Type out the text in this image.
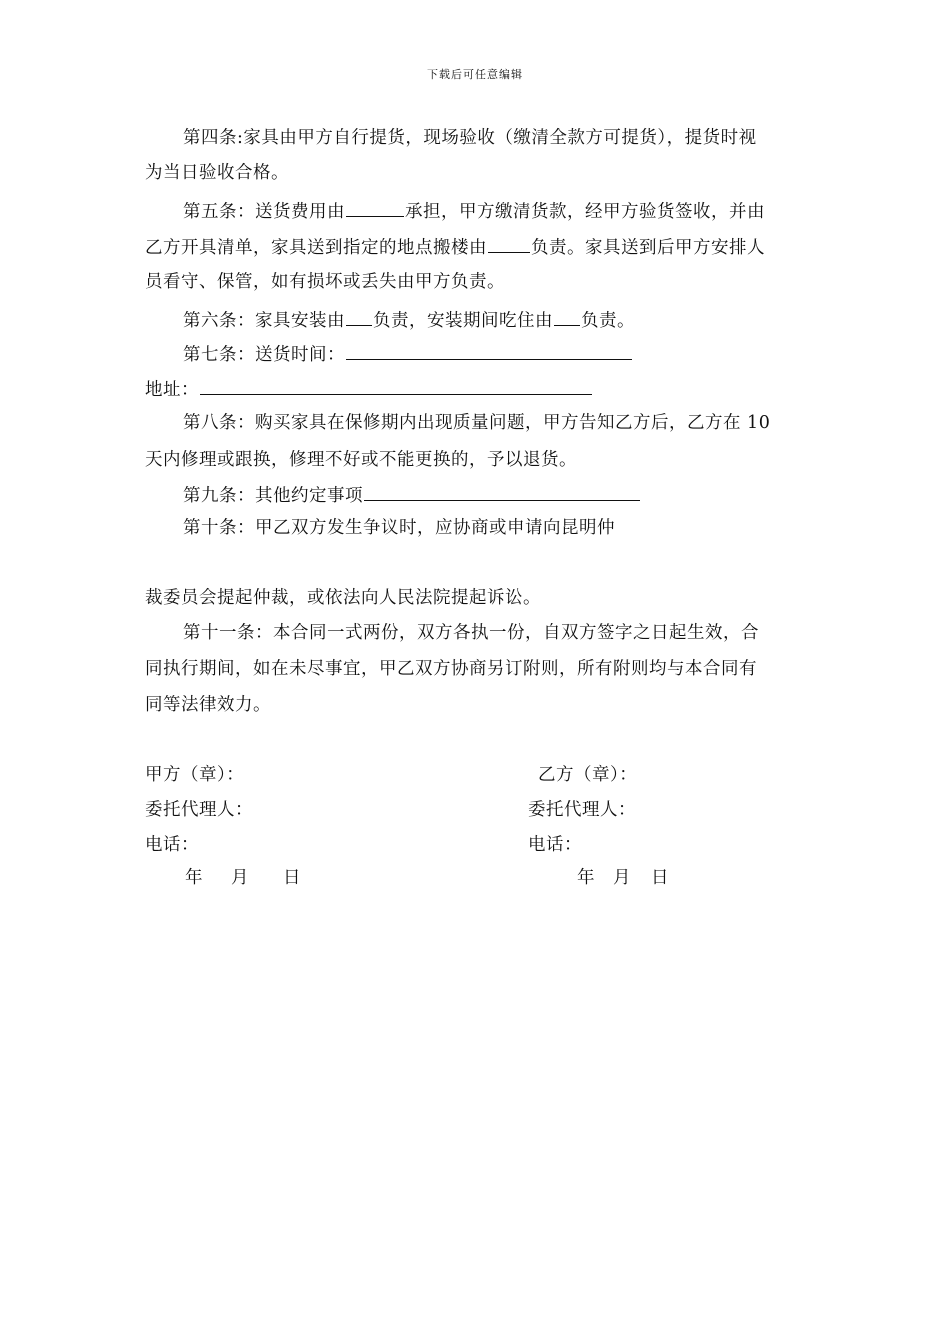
下载后可任意编辑
第四条:家具由甲方自行提货，现场验收（缴清全款方可提货），提货时视
为当日验收合格。
第五条：送货费用由	承担，甲方缴清货款，经甲方验货签收，并由
乙方开具清单，家具送到指定的地点搬楼由	负责。家具送到后甲方安排人
员看守、保管，如有损坏或丢失由甲方负责。
第六条：家具安装由 负责，安装期间吃住由 负责。
第七条：送货时间：
地址：
第八条：购买家具在保修期内出现质量问题，甲方告知乙方后，乙方在 10
天内修理或跟换，修理不好或不能更换的，予以退货。
第九条：其他约定事项
第十条：甲乙双方发生争议时，应协商或申请向昆明仲
裁委员会提起仲裁，或依法向人民法院提起诉讼。
第十一条：本合同一式两份，双方各执一份，自双方签字之日起生效，合
同执行期间，如在未尽事宜，甲乙双方协商另订附则，所有附则均与本合同有
同等法律效力。
甲方（章）：
委托代理人：
电话：
年 月 日
乙方（章）：
委托代理人：
电话：
年 月 日
